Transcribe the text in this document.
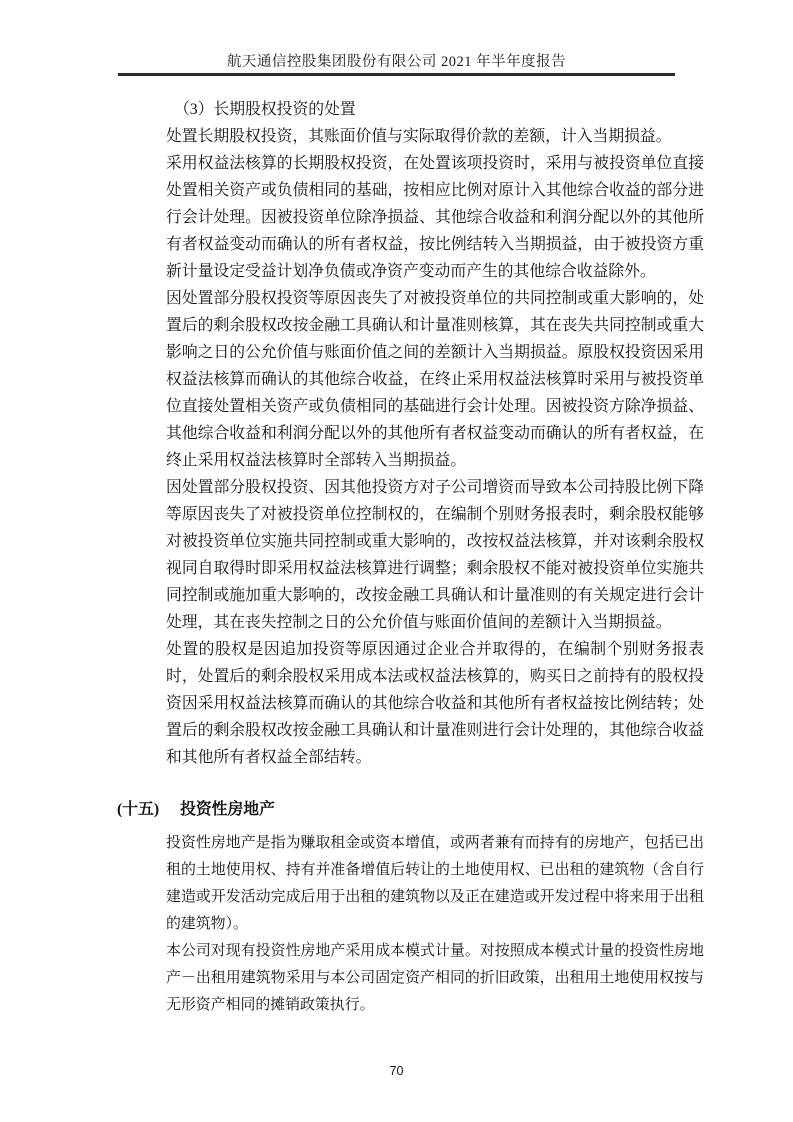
航天通信控股集团股份有限公司 2021 年半年度报告
（3）长期股权投资的处置

处置长期股权投资，其账面价值与实际取得价款的差额，计入当期损益。

采用权益法核算的长期股权投资，在处置该项投资时，采用与被投资单位直接处置相关资产或负债相同的基础，按相应比例对原计入其他综合收益的部分进行会计处理。因被投资单位除净损益、其他综合收益和利润分配以外的其他所有者权益变动而确认的所有者权益，按比例结转入当期损益，由于被投资方重新计量设定受益计划净负债或净资产变动而产生的其他综合收益除外。

因处置部分股权投资等原因丧失了对被投资单位的共同控制或重大影响的，处置后的剩余股权改按金融工具确认和计量准则核算，其在丧失共同控制或重大影响之日的公允价值与账面价值之间的差额计入当期损益。原股权投资因采用权益法核算而确认的其他综合收益，在终止采用权益法核算时采用与被投资单位直接处置相关资产或负债相同的基础进行会计处理。因被投资方除净损益、其他综合收益和利润分配以外的其他所有者权益变动而确认的所有者权益，在终止采用权益法核算时全部转入当期损益。

因处置部分股权投资、因其他投资方对子公司增资而导致本公司持股比例下降等原因丧失了对被投资单位控制权的，在编制个别财务报表时，剩余股权能够对被投资单位实施共同控制或重大影响的，改按权益法核算，并对该剩余股权视同自取得时即采用权益法核算进行调整；剩余股权不能对被投资单位实施共同控制或施加重大影响的，改按金融工具确认和计量准则的有关规定进行会计处理，其在丧失控制之日的公允价值与账面价值间的差额计入当期损益。

处置的股权是因追加投资等原因通过企业合并取得的，在编制个别财务报表时，处置后的剩余股权采用成本法或权益法核算的，购买日之前持有的股权投资因采用权益法核算而确认的其他综合收益和其他所有者权益按比例结转；处置后的剩余股权改按金融工具确认和计量准则进行会计处理的，其他综合收益和其他所有者权益全部结转。

(十五) 投资性房地产

投资性房地产是指为赚取租金或资本增值，或两者兼有而持有的房地产，包括已出租的土地使用权、持有并准备增值后转让的土地使用权、已出租的建筑物（含自行建造或开发活动完成后用于出租的建筑物以及正在建造或开发过程中将来用于出租的建筑物）。

本公司对现有投资性房地产采用成本模式计量。对按照成本模式计量的投资性房地产－出租用建筑物采用与本公司固定资产相同的折旧政策，出租用土地使用权按与无形资产相同的摊销政策执行。

70
